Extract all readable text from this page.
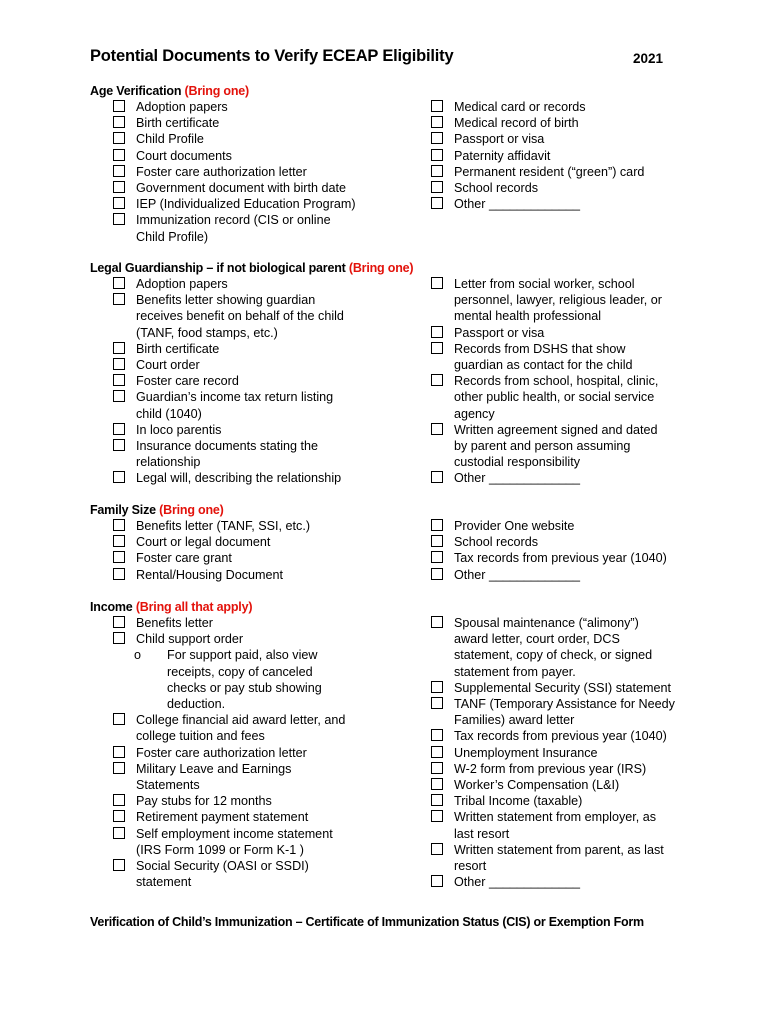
Potential Documents to Verify ECEAP Eligibility	2021
Age Verification (Bring one)
Adoption papers
Birth certificate
Child Profile
Court documents
Foster care authorization letter
Government document with birth date
IEP (Individualized Education Program)
Immunization record (CIS or online
Child Profile)
Medical card or records
Medical record of birth
Passport or visa
Paternity affidavit
Permanent resident (“green”) card
School records
Other _____________
Legal Guardianship – if not biological parent (Bring one)
Adoption papers
Benefits letter showing guardian
receives benefit on behalf of the child
(TANF, food stamps, etc.)
Birth certificate
Court order
Foster care record
Guardian’s income tax return listing
child (1040)
In loco parentis
Insurance documents stating the
relationship
Legal will, describing the relationship
Letter from social worker, school
personnel, lawyer, religious leader, or
mental health professional
Passport or visa
Records from DSHS that show
guardian as contact for the child
Records from school, hospital, clinic,
other public health, or social service
agency
Written agreement signed and dated
by parent and person assuming
custodial responsibility
Other _____________
Family Size (Bring one)
Benefits letter (TANF, SSI, etc.)
Court or legal document
Foster care grant
Rental/Housing Document
Provider One website
School records
Tax records from previous year (1040)
Other _____________
Income (Bring all that apply)
Benefits letter
Child support order
o For support paid, also view
receipts, copy of canceled
checks or pay stub showing
deduction.
College financial aid award letter, and
college tuition and fees
Foster care authorization letter
Military Leave and Earnings
Statements
Pay stubs for 12 months
Retirement payment statement
Self employment income statement
(IRS Form 1099 or Form K-1 )
Social Security (OASI or SSDI)
statement
Spousal maintenance (“alimony”)
award letter, court order, DCS
statement, copy of check, or signed
statement from payer.
Supplemental Security (SSI) statement
TANF (Temporary Assistance for Needy
Families) award letter
Tax records from previous year (1040)
Unemployment Insurance
W-2 form from previous year (IRS)
Worker’s Compensation (L&I)
Tribal Income (taxable)
Written statement from employer, as
last resort
Written statement from parent, as last
resort
Other _____________
Verification of Child’s Immunization – Certificate of Immunization Status (CIS) or Exemption Form
